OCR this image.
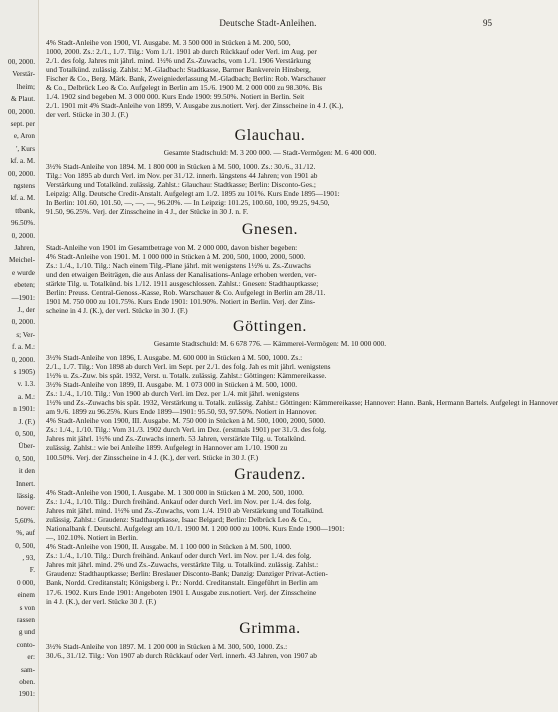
00, 2000.
Verstär-
lheim;
& Plaut.
00, 2000.
sept. per
e, Aron
', Kurs
kf. a. M.
00, 2000.
ngstens
kf. a. M.
ttbank,
96.50%.
0, 2000.
Jahren,
Meichel-
e wurde
ebeten;
—1901:
J., der
0, 2000.
s; Ver-
f. a. M.:
0, 2000.
s 1905)
v. 1.3.
a. M.:
n 1901:
J. (F.)
0, 500,
Über-
0, 500,
it den
Innert.
lässig.
nover:
5,60%.
%, auf
0, 500,
, 93,
F.
0 000,
einem
s von
rassen
g und
conto-
er:
sam-
oben.
1901:
Deutsche Stadt-Anleihen.	95
4% Stadt-Anleihe von 1900, VI. Ausgabe. M. 3 500 000 in Stücken à M. 200, 500,
1000, 2000. Zs.: 2./1., 1./7. Tilg.: Vom 1./1. 1901 ab durch Rückkauf oder Verl. im Aug. per
2./1. des folg. Jahres mit jährl. mind. 1½% und Zs.-Zuwachs, vom 1./1. 1906 Verstärkung
und Totalkünd. zulässig. Zahlst.: M.-Gladbach: Stadtkasse, Barmer Bankverein Hinsberg,
Fischer & Co., Berg. Märk. Bank, Zweigniederlassung M.-Gladbach; Berlin: Rob. Warschauer
& Co., Delbrück Leo & Co. Aufgelegt in Berlin am 15./6. 1900 M. 2 000 000 zu 98.30%. Bis
1./4. 1902 sind begeben M. 3 000 000. Kurs Ende 1900: 99.50%. Notiert in Berlin. Seit
2./1. 1901 mit 4% Stadt-Anleihe von 1899, V. Ausgabe zus.notiert. Verj. der Zinsscheine in 4 J. (K.),
der verl. Stücke in 30 J. (F.)
Glauchau.
Gesamte Stadtschuld: M. 3 200 000. — Stadt-Vermögen: M. 6 400 000.
3½% Stadt-Anleihe von 1894. M. 1 800 000 in Stücken à M. 500, 1000. Zs.: 30./6., 31./12.
Tilg.: Von 1895 ab durch Verl. im Nov. per 31./12. innerh. längstens 44 Jahren; von 1901 ab
Verstärkung und Totalkünd. zulässig. Zahlst.: Glauchau: Stadtkasse; Berlin: Disconto-Ges.;
Leipzig: Allg. Deutsche Credit-Anstalt. Aufgelegt am 1./2. 1895 zu 101%. Kurs Ende 1895—1901:
In Berlin: 101.60, 101.50, —, —, —, 96.20%. — In Leipzig: 101.25, 100.60, 100, 99.25, 94.50,
91.50, 96.25%. Verj. der Zinsscheine in 4 J., der Stücke in 30 J. n. F.
Gnesen.
Stadt-Anleihe von 1901 im Gesamtbetrage von M. 2 000 000, davon bisher begeben:
4% Stadt-Anleihe von 1901. M. 1 000 000 in Stücken à M. 200, 500, 1000, 2000, 5000.
Zs.: 1./4., 1./10. Tilg.: Nach einem Tilg.-Plane jährl. mit wenigstens 1½% u. Zs.-Zuwachs
und den etwaigen Beiträgen, die aus Anlass der Kanalisations-Anlage erhoben werden, ver-
stärkte Tilg. u. Totalkünd. bis 1./12. 1911 ausgeschlossen. Zahlst.: Gnesen: Stadthauptkasse;
Berlin: Preuss. Central-Genoss.-Kasse, Rob. Warschauer & Co. Aufgelegt in Berlin am 28./11.
1901 M. 750 000 zu 101.75%. Kurs Ende 1901: 101.90%. Notiert in Berlin. Verj. der Zins-
scheine in 4 J. (K.), der verl. Stücke in 30 J. (F.)
Göttingen.
Gesamte Stadtschuld: M. 6 678 776. — Kämmerei-Vermögen: M. 10 000 000.
3½% Stadt-Anleihe von 1896, I. Ausgabe. M. 600 000 in Stücken à M. 500, 1000. Zs.:
2./1., 1./7. Tilg.: Von 1898 ab durch Verl. im Sept. per 2./1. des folg. Jah es mit jährl. wenigstens
1½% u. Zs.-Zuw. bis spät. 1932, Verst. u. Totalk. zulässig. Zahlst.: Göttingen: Kämmereikasse.
3½% Stadt-Anleihe von 1899, II. Ausgabe. M. 1 073 000 in Stücken à M. 500, 1000.
Zs.: 1./4., 1./10. Tilg.: Von 1900 ab durch Verl. im Dez. per 1./4. mit jährl. wenigstens
1½% und Zs.-Zuwachs bis spät. 1932, Verstärkung u. Totalk. zulässig. Zahlst.: Göttingen: Kämmereikasse; Hannover: Hann. Bank, Hermann Bartels. Aufgelegt in Hannover
am 9./6. 1899 zu 96.25%. Kurs Ende 1899—1901: 95.50, 93, 97.50%. Notiert in Hannover.
4% Stadt-Anleihe von 1900, III. Ausgabe. M. 750 000 in Stücken à M. 500, 1000, 2000, 5000.
Zs.: 1./4., 1./10. Tilg.: Vom 31./3. 1902 durch Verl. im Dez. (erstmals 1901) per 31./3. des folg.
Jahres mit jährl. 1½% und Zs.-Zuwachs innerh. 53 Jahren, verstärkte Tilg. u. Totalkünd.
zulässig. Zahlst.: wie bei Anleihe 1899. Aufgelegt in Hannover am 1./10. 1900 zu
100.50%. Verj. der Zinsscheine in 4 J. (K.), der verl. Stücke in 30 J. (F.)
Graudenz.
4% Stadt-Anleihe von 1900, I. Ausgabe. M. 1 300 000 in Stücken à M. 200, 500, 1000.
Zs.: 1./4., 1./10. Tilg.: Durch freihänd. Ankauf oder durch Verl. im Nov. per 1./4. des folg.
Jahres mit jährl. mind. 1½% und Zs.-Zuwachs, vom 1./4. 1910 ab Verstärkung und Totalkünd.
zulässig. Zahlst.: Graudenz: Stadthauptkasse, Isaac Belgard; Berlin: Delbrück Leo & Co.,
Nationalbank f. Deutschl. Aufgelegt am 10./1. 1900 M. 1 200 000 zu 100%. Kurs Ende 1900—1901:
—, 102.10%. Notiert in Berlin.
4% Stadt-Anleihe von 1900, II. Ausgabe. M. 1 100 000 in Stücken à M. 500, 1000.
Zs.: 1./4., 1./10. Tilg.: Durch freihänd. Ankauf oder durch Verl. im Nov. per 1./4. des folg.
Jahres mit jährl. mind. 2% und Zs.-Zuwachs, verstärkte Tilg. u. Totalkünd. zulässig. Zahlst.:
Graudenz: Stadthauptkasse; Berlin: Breslauer Disconto-Bank; Danzig: Danziger Privat-Actien-
Bank, Nordd. Creditanstalt; Königsberg i. Pr.: Nordd. Creditanstalt. Eingeführt in Berlin am
17./6. 1902. Kurs Ende 1901: Angeboten 1901 I. Ausgabe zus.notiert. Verj. der Zinsscheine
in 4 J. (K.), der verl. Stücke 30 J. (F.)
Grimma.
3½% Stadt-Anleihe von 1897. M. 1 200 000 in Stücken à M. 300, 500, 1000. Zs.:
30./6., 31./12. Tilg.: Von 1907 ab durch Rückkauf oder Verl. innerh. 43 Jahren, von 1907 ab
